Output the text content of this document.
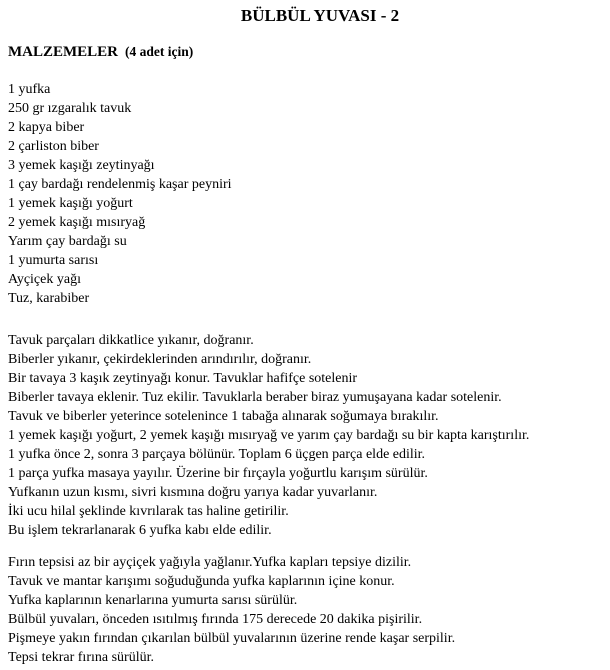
BÜLBÜL YUVASI - 2
MALZEMELER (4 adet için)
1 yufka
250 gr ızgaralık tavuk
2 kapya biber
2 çarliston biber
3 yemek kaşığı zeytinyağı
1 çay bardağı rendelenmiş kaşar peyniri
1 yemek kaşığı yoğurt
2 yemek kaşığı mısıryağ
Yarım çay bardağı su
1 yumurta sarısı
Ayçiçek yağı
Tuz, karabiber
Tavuk parçaları dikkatlice yıkanır, doğranır.
Biberler yıkanır, çekirdeklerinden arındırılır, doğranır.
Bir tavaya 3 kaşık zeytinyağı konur. Tavuklar hafifçe sotelenir
Biberler tavaya eklenir. Tuz ekilir. Tavuklarla beraber biraz yumuşayana kadar sotelenir.
Tavuk ve biberler yeterince sotelenince 1 tabağa alınarak soğumaya bırakılır.
1 yemek kaşığı yoğurt, 2 yemek kaşığı mısıryağ ve yarım çay bardağı su bir kapta karıştırılır.
1 yufka önce 2, sonra 3 parçaya bölünür. Toplam 6 üçgen parça elde edilir.
1 parça yufka masaya yayılır. Üzerine bir fırçayla yoğurtlu karışım sürülür.
Yufkanın uzun kısmı, sivri kısmına doğru yarıya kadar yuvarlanır.
İki ucu hilal şeklinde kıvrılarak tas haline getirilir.
Bu işlem tekrarlanarak 6 yufka kabı elde edilir.
Fırın tepsisi az bir ayçiçek yağıyla yağlanır.Yufka kapları tepsiye dizilir.
Tavuk ve mantar karışımı soğuduğunda yufka kaplarının içine konur.
Yufka kaplarının kenarlarına yumurta sarısı sürülür.
Bülbül yuvaları, önceden ısıtılmış fırında 175 derecede 20 dakika pişirilir.
Pişmeye yakın fırından çıkarılan bülbül yuvalarının üzerine rende kaşar serpilir.
Tepsi tekrar fırına sürülür.
